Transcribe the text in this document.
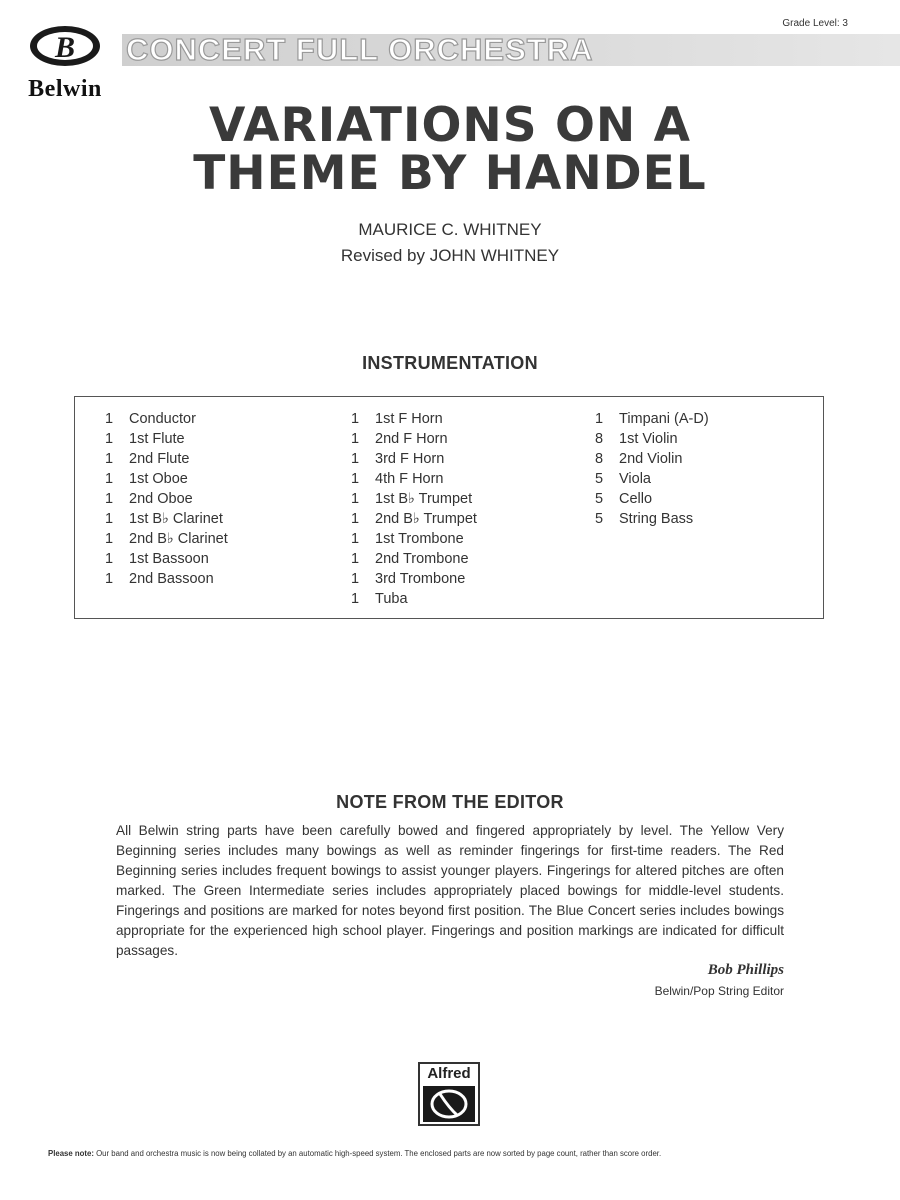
B
Belwin
CONCERT FULL ORCHESTRA
Grade Level: 3
VARIATIONS ON A
THEME BY HANDEL
MAURICE C. WHITNEY
Revised by JOHN WHITNEY
INSTRUMENTATION
1 Conductor
1 1st Flute
1 2nd Flute
1 1st Oboe
1 2nd Oboe
1 1st B♭ Clarinet
1 2nd B♭ Clarinet
1 1st Bassoon
1 2nd Bassoon
1 1st F Horn
1 2nd F Horn
1 3rd F Horn
1 4th F Horn
1 1st B♭ Trumpet
1 2nd B♭ Trumpet
1 1st Trombone
1 2nd Trombone
1 3rd Trombone
1 Tuba
1 Timpani (A-D)
8 1st Violin
8 2nd Violin
5 Viola
5 Cello
5 String Bass
NOTE FROM THE EDITOR
All Belwin string parts have been carefully bowed and fingered appropriately by level. The Yellow Very Beginning series includes many bowings as well as reminder fingerings for first-time readers. The Red Beginning series includes frequent bowings to assist younger players. Fingerings for altered pitches are often marked. The Green Intermediate series includes appropriately placed bowings for middle-level students. Fingerings and positions are marked for notes beyond first position. The Blue Concert series includes bowings appropriate for the experienced high school player. Fingerings and position markings are indicated for difficult passages.
Bob Phillips
Belwin/Pop String Editor
Alfred
Please note: Our band and orchestra music is now being collated by an automatic high-speed system. The enclosed parts are now sorted by page count, rather than score order.
